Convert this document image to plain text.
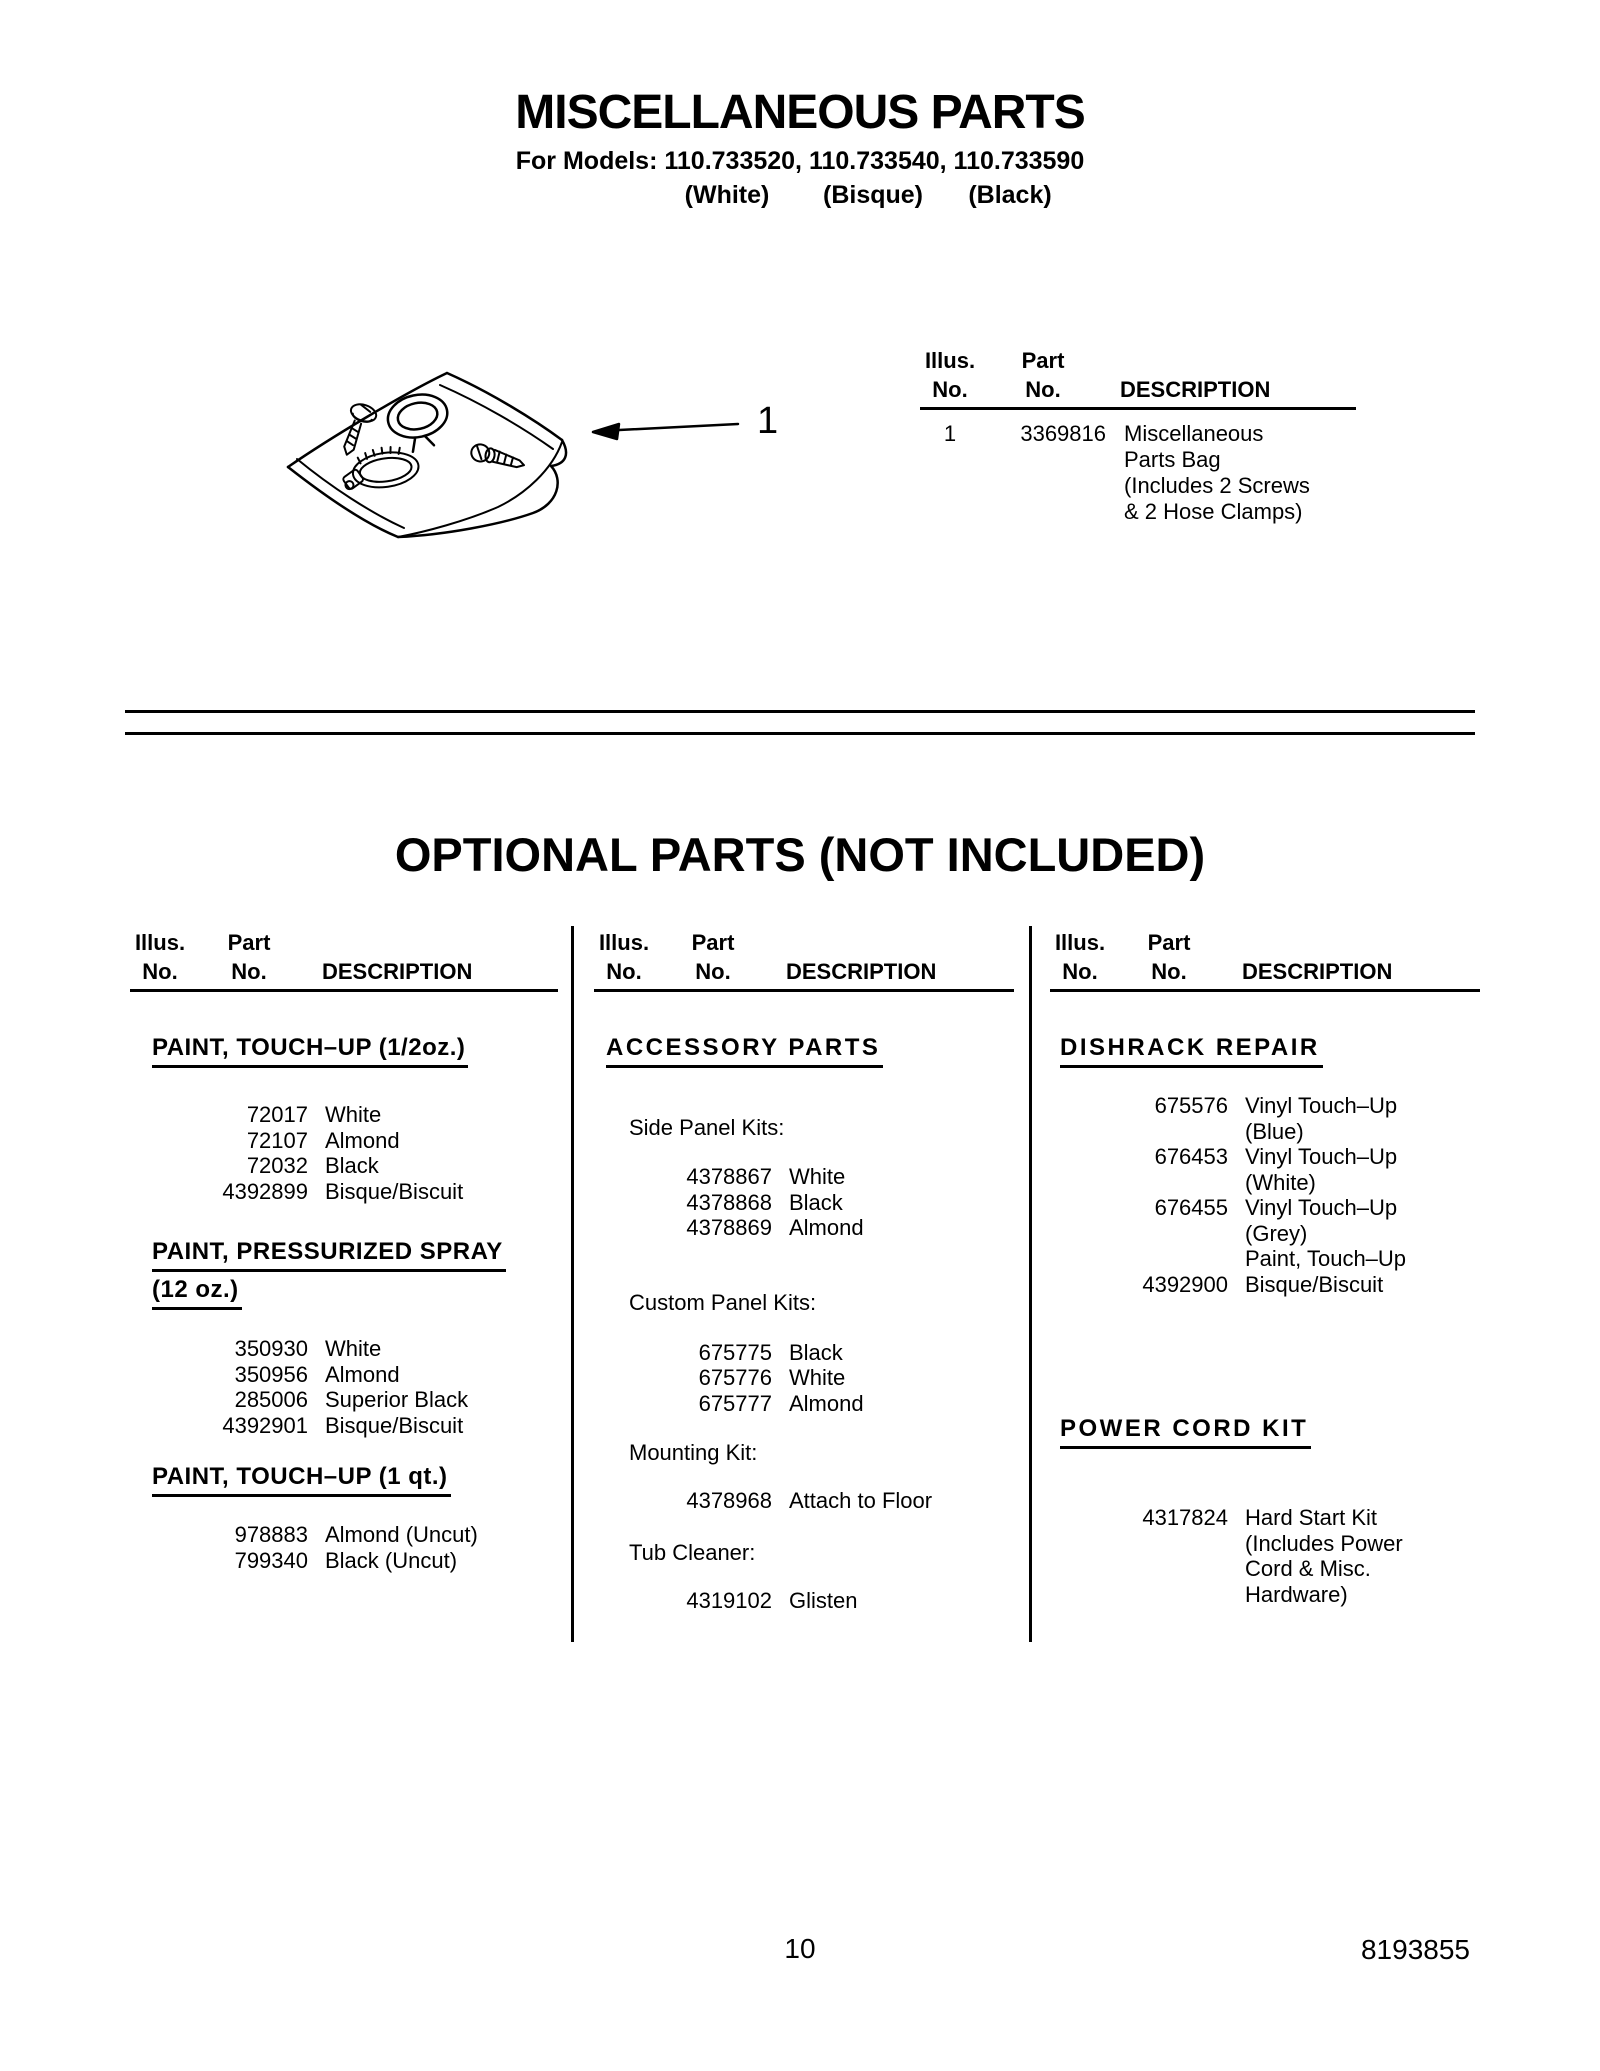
MISCELLANEOUS PARTS
For Models: 110.733520, 110.733540, 110.733590
(White) (Bisque) (Black)
1
Illus.
No.
Part
No.
	DESCRIPTION
1	3369816 Miscellaneous
Parts Bag
(Includes 2 Screws
& 2 Hose Clamps)
OPTIONAL PARTS (NOT INCLUDED)
Illus.
No.
Part
No.
	DESCRIPTION
PAINT, TOUCH–UP (1/2oz.)
72017 White
72107 Almond
72032 Black
4392899 Bisque/Biscuit
PAINT, PRESSURIZED SPRAY
(12 oz.)
350930 White
350956 Almond
285006 Superior Black
4392901 Bisque/Biscuit
PAINT, TOUCH–UP (1 qt.)
978883 Almond (Uncut)
799340 Black (Uncut)
Illus.
No.
Part
No.
	DESCRIPTION
ACCESSORY PARTS
Side Panel Kits:
4378867 White
4378868 Black
4378869 Almond
Custom Panel Kits:
675775 Black
675776 White
675777 Almond
Mounting Kit:
4378968 Attach to Floor
Tub Cleaner:
4319102 Glisten
Illus.
No.
Part
No.
	DESCRIPTION
DISHRACK REPAIR
675576 Vinyl Touch–Up
(Blue)
676453 Vinyl Touch–Up
(White)
676455 Vinyl Touch–Up
(Grey)
Paint, Touch–Up
4392900 Bisque/Biscuit
POWER CORD KIT
4317824 Hard Start Kit
(Includes Power
Cord & Misc.
Hardware)
10	8193855
